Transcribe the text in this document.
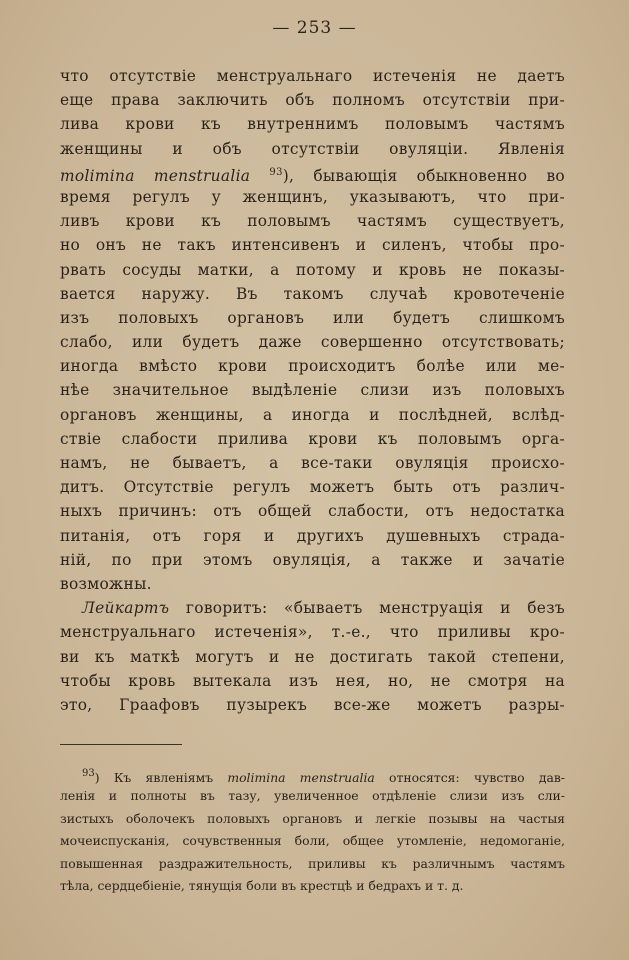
— 253 —
что отсутствіе менструальнаго истеченія не даетъ
еще права заключить объ полномъ отсутствіи при-
лива крови къ внутреннимъ половымъ частямъ
женщины и объ отсутствіи овуляціи. Явленія
molimina menstrualia $^{93}$), бывающія обыкновенно во
время регулъ у женщинъ, указываютъ, что при-
ливъ крови къ половымъ частямъ существуетъ,
но онъ не такъ интенсивенъ и силенъ, чтобы про-
рвать сосуды матки, а потому и кровь не показы-
вается наружу. Въ такомъ случаѣ кровотеченіе
изъ половыхъ органовъ или будетъ слишкомъ
слабо, или будетъ даже совершенно отсутствовать;
иногда вмѣсто крови происходитъ болѣе или ме-
нѣе значительное выдѣленіе слизи изъ половыхъ
органовъ женщины, а иногда и послѣдней, вслѣд-
ствіе слабости прилива крови къ половымъ орга-
намъ, не бываетъ, а все-таки овуляція происхо-
дитъ. Отсутствіе регулъ можетъ быть отъ различ-
ныхъ причинъ: отъ общей слабости, отъ недостатка
питанія, отъ горя и другихъ душевныхъ страда-
ній, по при этомъ овуляція, а также и зачатіе
возможны.
Лейкартъ говоритъ: «бываетъ менструація и безъ
менструальнаго истеченія», т.-е., что приливы кро-
ви къ маткѣ могутъ и не достигать такой степени,
чтобы кровь вытекала изъ нея, но, не смотря на
это, Граафовъ пузырекъ все-же можетъ разры-
$^{93}$) Къ явленіямъ molimina menstrualia относятся: чувство дав-
ленія и полноты въ тазу, увеличенное отдѣленіе слизи изъ сли-
зистыхъ оболочекъ половыхъ органовъ и легкіе позывы на частыя
мочеиспусканія, сочувственныя боли, общее утомленіе, недомоганіе,
повышенная раздражительность, приливы къ различнымъ частямъ
тѣла, сердцебіеніе, тянущія боли въ крестцѣ и бедрахъ и т. д.
